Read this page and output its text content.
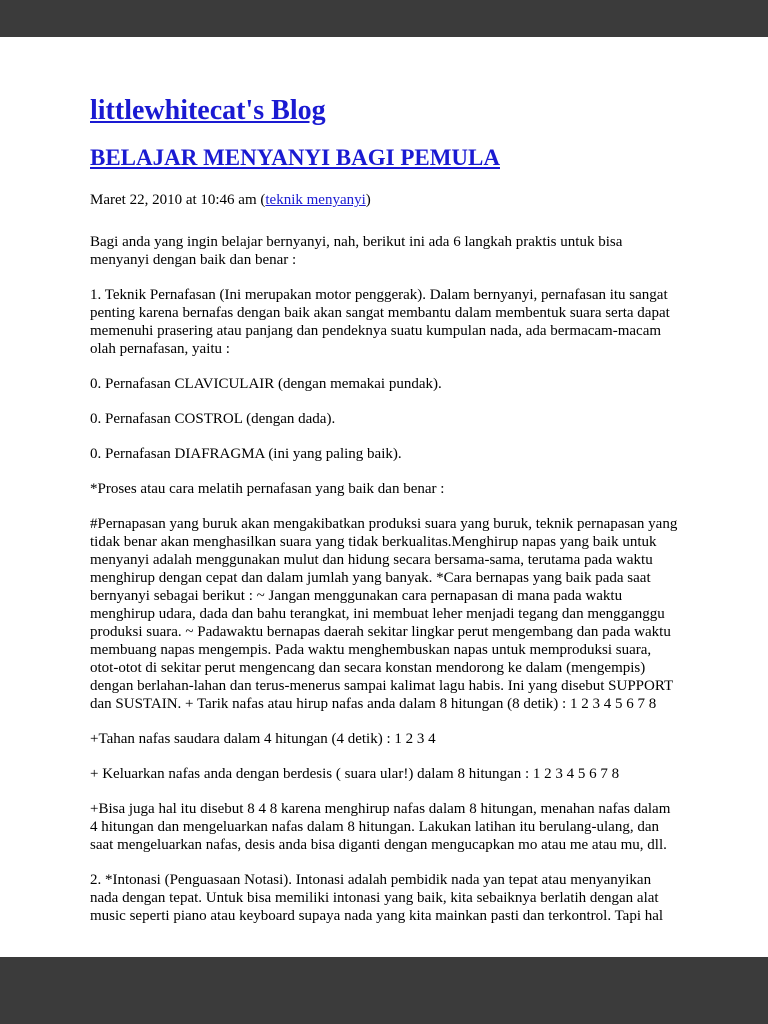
littlewhitecat's Blog
BELAJAR MENYANYI BAGI PEMULA
Maret 22, 2010 at 10:46 am (teknik menyanyi)

Bagi anda yang ingin belajar bernyanyi, nah, berikut ini ada 6 langkah praktis untuk bisa menyanyi dengan baik dan benar :

1. Teknik Pernafasan (Ini merupakan motor penggerak). Dalam bernyanyi, pernafasan itu sangat penting karena bernafas dengan baik akan sangat membantu dalam membentuk suara serta dapat memenuhi prasering atau panjang dan pendeknya suatu kumpulan nada, ada bermacam-macam olah pernafasan, yaitu :

0. Pernafasan CLAVICULAIR (dengan memakai pundak).

0. Pernafasan COSTROL (dengan dada).

0. Pernafasan DIAFRAGMA (ini yang paling baik).

*Proses atau cara melatih pernafasan yang baik dan benar :

#Pernapasan yang buruk akan mengakibatkan produksi suara yang buruk, teknik pernapasan yang tidak benar akan menghasilkan suara yang tidak berkualitas.Menghirup napas yang baik untuk menyanyi adalah menggunakan mulut dan hidung secara bersama-sama, terutama pada waktu menghirup dengan cepat dan dalam jumlah yang banyak. *Cara bernapas yang baik pada saat bernyanyi sebagai berikut : ~ Jangan menggunakan cara pernapasan di mana pada waktu menghirup udara, dada dan bahu terangkat, ini membuat leher menjadi tegang dan mengganggu produksi suara. ~ Padawaktu bernapas daerah sekitar lingkar perut mengembang dan pada waktu membuang napas mengempis. Pada waktu menghembuskan napas untuk memproduksi suara, otot-otot di sekitar perut mengencang dan secara konstan mendorong ke dalam (mengempis) dengan berlahan-lahan dan terus-menerus sampai kalimat lagu habis. Ini yang disebut SUPPORT dan SUSTAIN. + Tarik nafas atau hirup nafas anda dalam 8 hitungan (8 detik) : 1 2 3 4 5 6 7 8

+Tahan nafas saudara dalam 4 hitungan (4 detik) : 1 2 3 4

+ Keluarkan nafas anda dengan berdesis ( suara ular!) dalam 8 hitungan : 1 2 3 4 5 6 7 8

+Bisa juga hal itu disebut 8 4 8 karena menghirup nafas dalam 8 hitungan, menahan nafas dalam 4 hitungan dan mengeluarkan nafas dalam 8 hitungan. Lakukan latihan itu berulang-ulang, dan saat mengeluarkan nafas, desis anda bisa diganti dengan mengucapkan mo atau me atau mu, dll.

2. *Intonasi (Penguasaan Notasi). Intonasi adalah pembidik nada yan tepat atau menyanyikan nada dengan tepat. Untuk bisa memiliki intonasi yang baik, kita sebaiknya berlatih dengan alat music seperti piano atau keyboard supaya nada yang kita mainkan pasti dan terkontrol. Tapi hal
